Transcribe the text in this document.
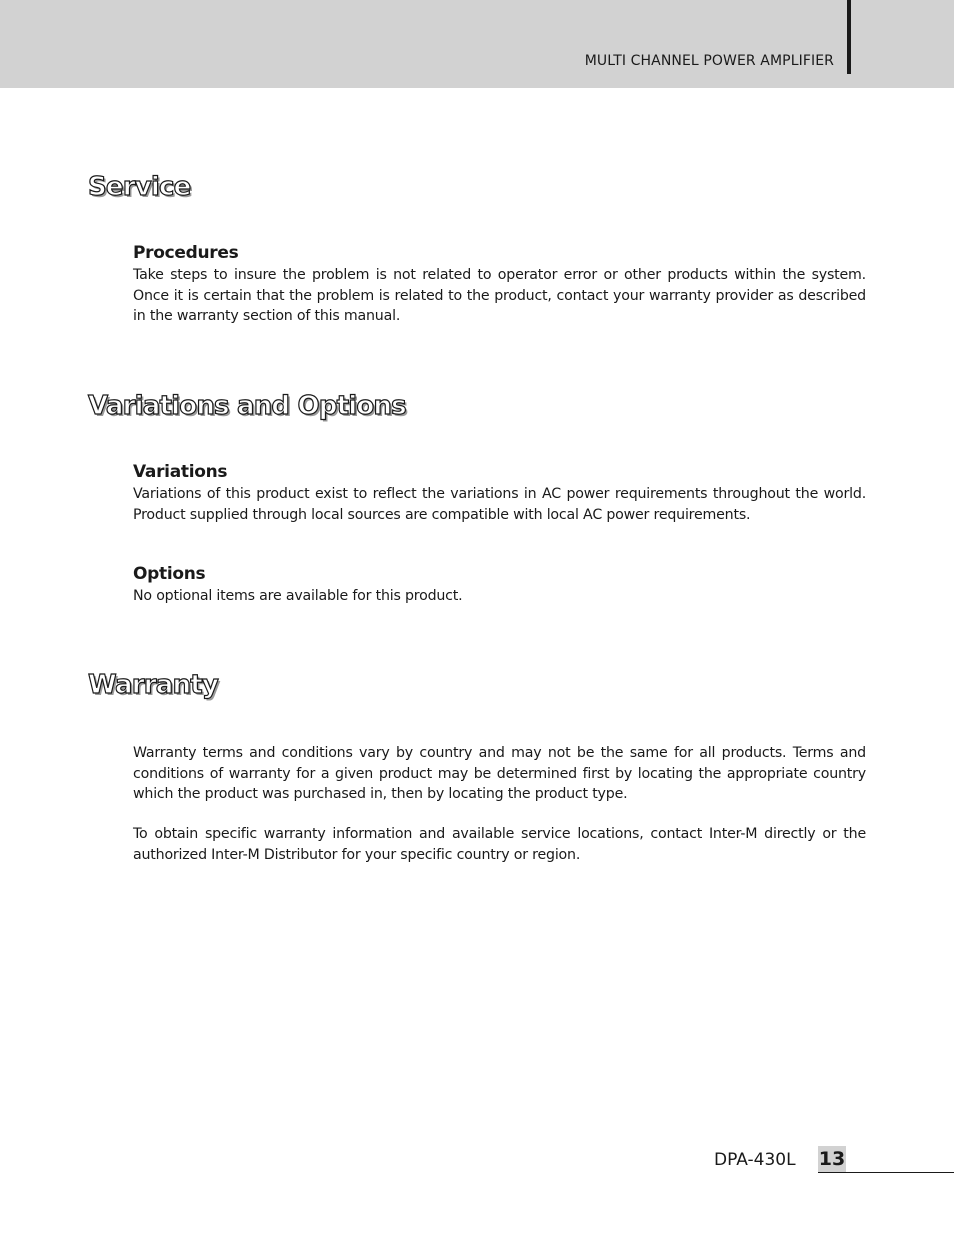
MULTI CHANNEL POWER AMPLIFIER
Service
Procedures

Take steps to insure the problem is not related to operator error or other products within the system. Once it is certain that the problem is related to the product, contact your warranty provider as described in the warranty section of this manual.

Variations and Options
Variations

Variations of this product exist to reflect the variations in AC power requirements throughout the world. Product supplied through local sources are compatible with local AC power requirements.

Options

No optional items are available for this product.

Warranty

Warranty terms and conditions vary by country and may not be the same for all products. Terms and conditions of warranty for a given product may be determined first by locating the appropriate country which the product was purchased in, then by locating the product type.

To obtain specific warranty information and available service locations, contact Inter-M directly or the authorized Inter-M Distributor for your specific country or region.

DPA-430L 13
